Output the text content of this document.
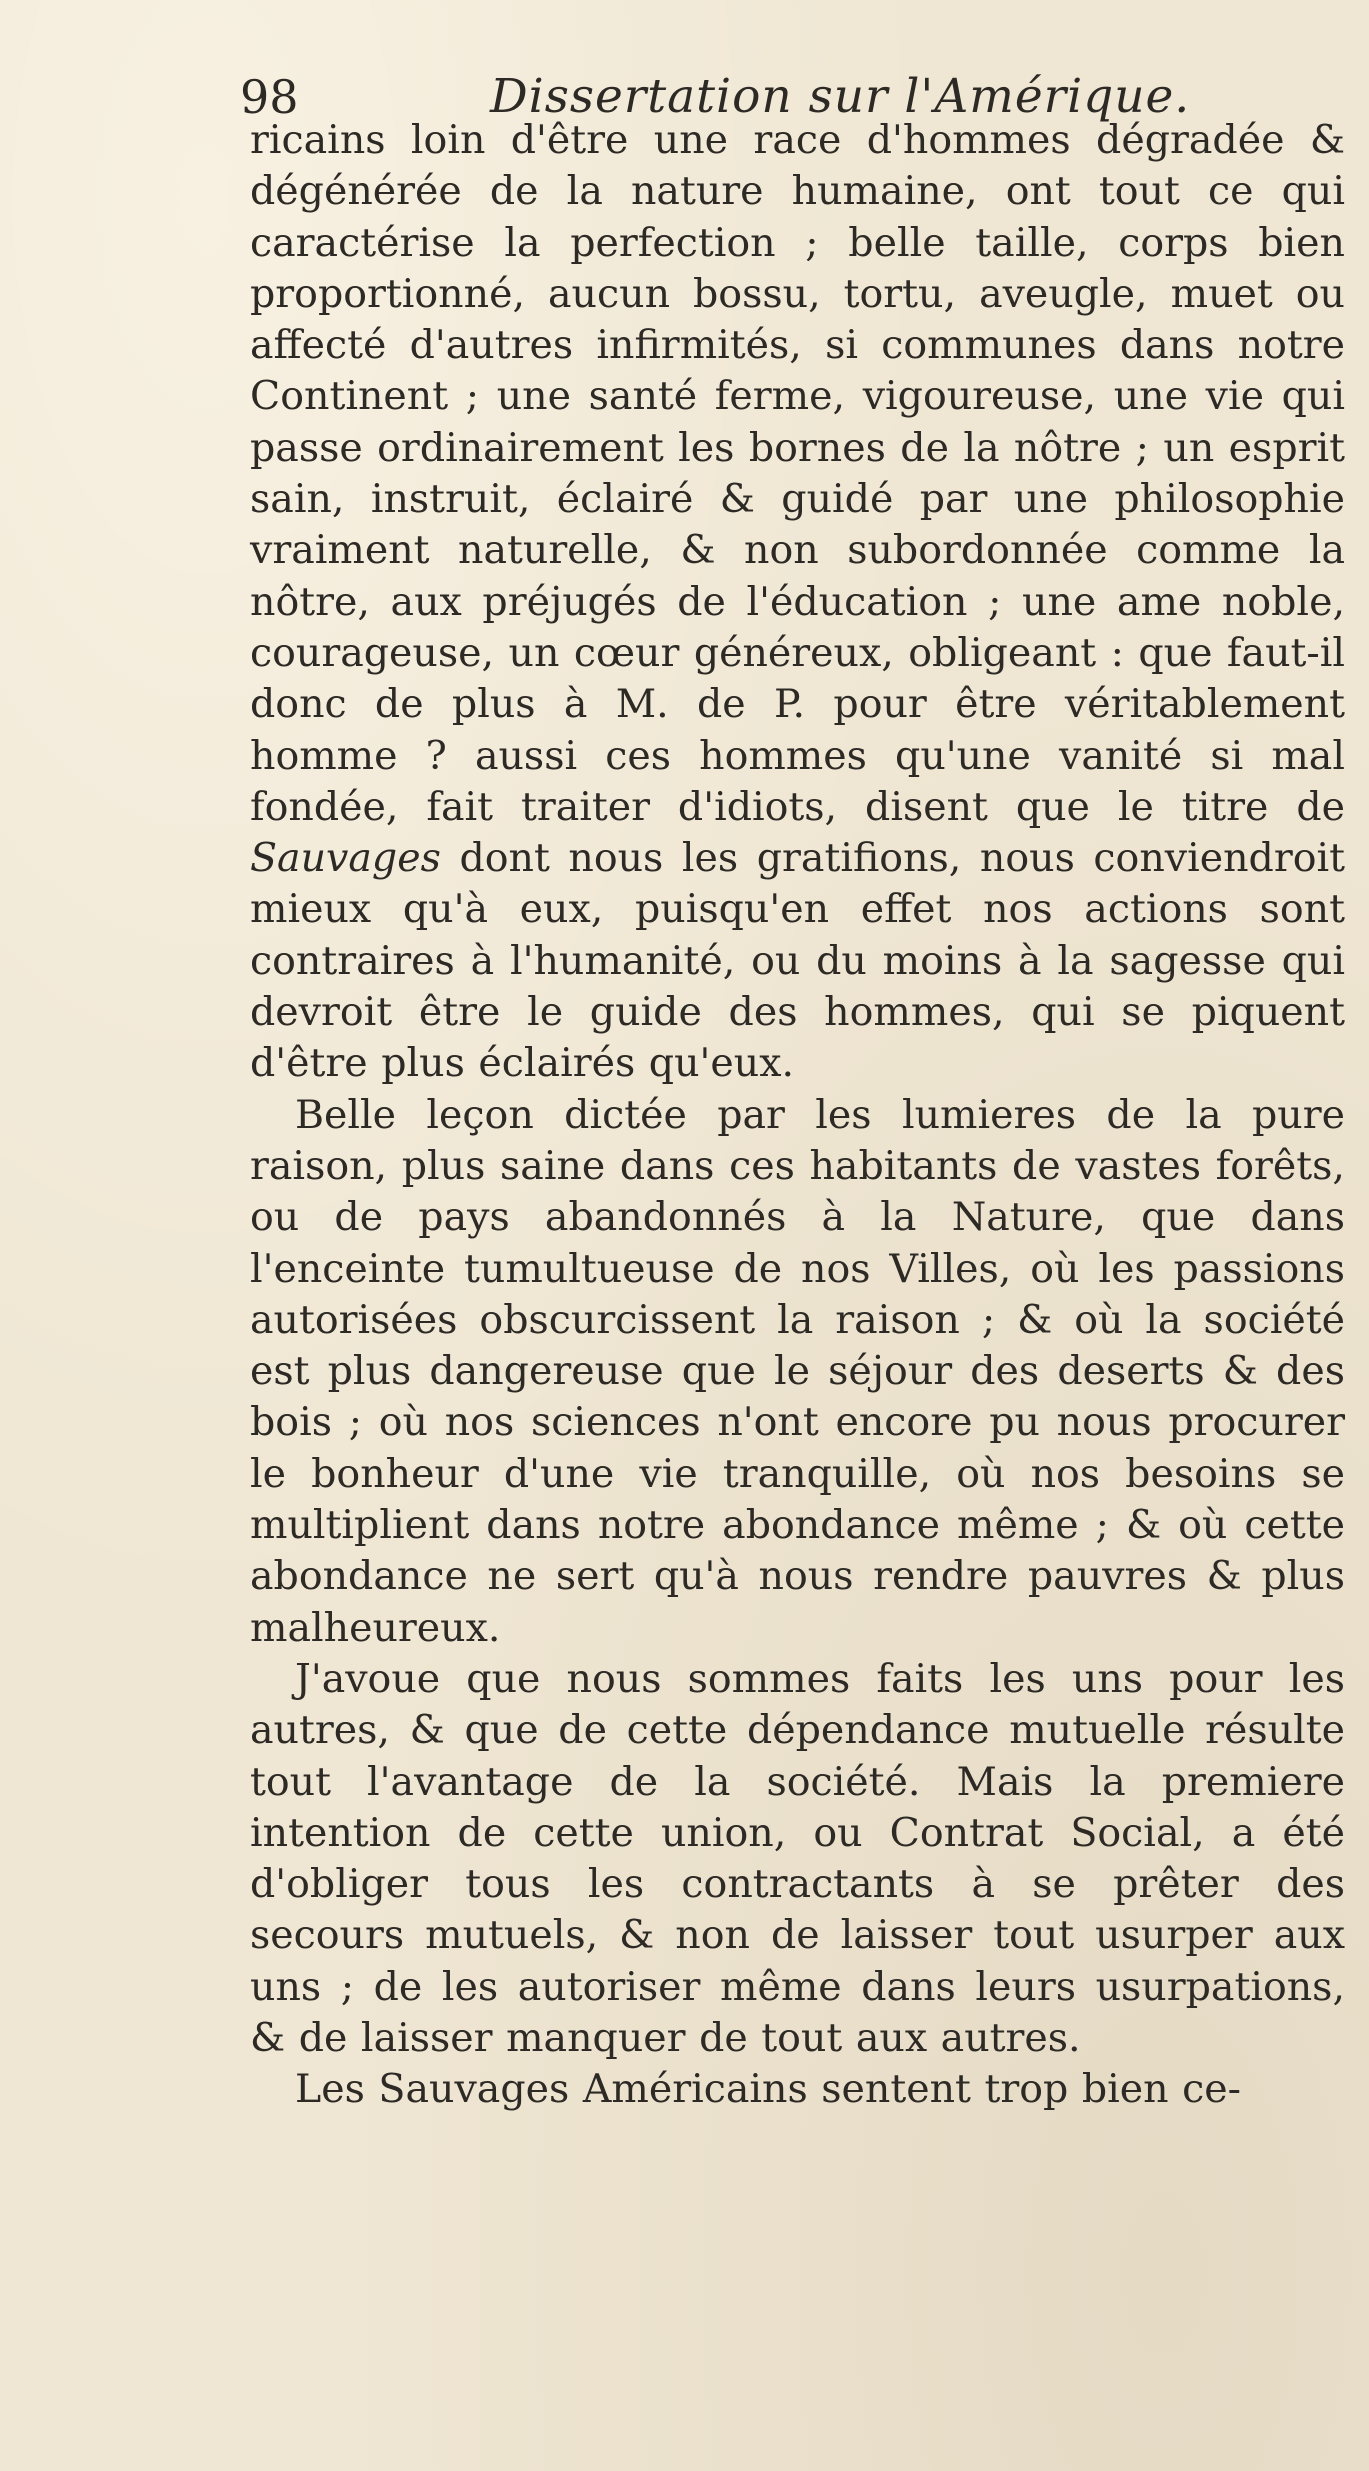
98	Dissertation sur l'Amérique.

ricains loin d'être une race d'hommes dégradée & dégénérée de la nature humaine, ont tout ce qui caractérise la perfection ; belle taille, corps bien proportionné, aucun bossu, tortu, aveugle, muet ou affecté d'autres infirmités, si communes dans notre Continent ; une santé ferme, vigoureuse, une vie qui passe ordinairement les bornes de la nôtre ; un esprit sain, instruit, éclairé & guidé par une philosophie vraiment naturelle, & non subordonnée comme la nôtre, aux préjugés de l'éducation ; une ame noble, courageuse, un cœur généreux, obligeant : que faut-il donc de plus à M. de P. pour être véritablement homme ? aussi ces hommes qu'une vanité si mal fondée, fait traiter d'idiots, disent que le titre de Sauvages dont nous les gratifions, nous conviendroit mieux qu'à eux, puisqu'en effet nos actions sont contraires à l'humanité, ou du moins à la sagesse qui devroit être le guide des hommes, qui se piquent d'être plus éclairés qu'eux.

Belle leçon dictée par les lumieres de la pure raison, plus saine dans ces habitants de vastes forêts, ou de pays abandonnés à la Nature, que dans l'enceinte tumultueuse de nos Villes, où les passions autorisées obscurcissent la raison ; & où la société est plus dangereuse que le séjour des deserts & des bois ; où nos sciences n'ont encore pu nous procurer le bonheur d'une vie tranquille, où nos besoins se multiplient dans notre abondance même ; & où cette abondance ne sert qu'à nous rendre pauvres & plus malheureux.

J'avoue que nous sommes faits les uns pour les autres, & que de cette dépendance mutuelle résulte tout l'avantage de la société. Mais la premiere intention de cette union, ou Contrat Social, a été d'obliger tous les contractants à se prêter des secours mutuels, & non de laisser tout usurper aux uns ; de les autoriser même dans leurs usurpations, & de laisser manquer de tout aux autres.

Les Sauvages Américains sentent trop bien ce-
